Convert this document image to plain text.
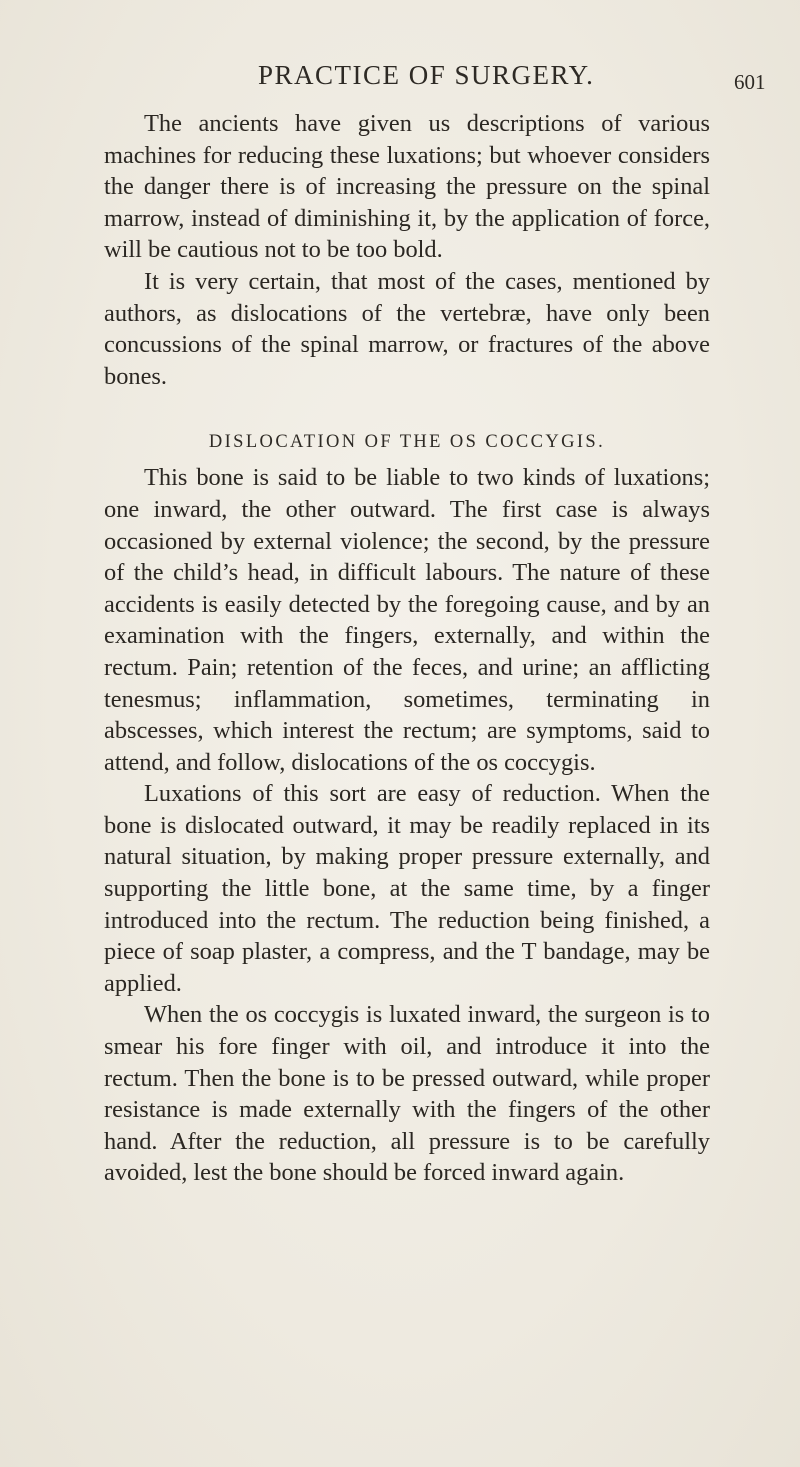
PRACTICE OF SURGERY.	601

The ancients have given us descriptions of various machines for reducing these luxations; but whoever considers the danger there is of increasing the pressure on the spinal marrow, instead of diminishing it, by the application of force, will be cautious not to be too bold.

It is very certain, that most of the cases, mentioned by authors, as dislocations of the vertebræ, have only been concussions of the spinal marrow, or fractures of the above bones.

DISLOCATION OF THE OS COCCYGIS.

This bone is said to be liable to two kinds of luxations; one inward, the other outward. The first case is always occasioned by external violence; the second, by the pressure of the child’s head, in difficult labours. The nature of these accidents is easily detected by the foregoing cause, and by an examination with the fingers, externally, and within the rectum. Pain; retention of the feces, and urine; an afflicting tenesmus; inflammation, sometimes, terminating in abscesses, which interest the rectum; are symptoms, said to attend, and follow, dislocations of the os coccygis.

Luxations of this sort are easy of reduction. When the bone is dislocated outward, it may be readily replaced in its natural situation, by making proper pressure externally, and supporting the little bone, at the same time, by a finger introduced into the rectum. The reduction being finished, a piece of soap plaster, a compress, and the T bandage, may be applied.

When the os coccygis is luxated inward, the surgeon is to smear his fore finger with oil, and introduce it into the rectum. Then the bone is to be pressed outward, while proper resistance is made externally with the fingers of the other hand. After the reduction, all pressure is to be carefully avoided, lest the bone should be forced inward again.
